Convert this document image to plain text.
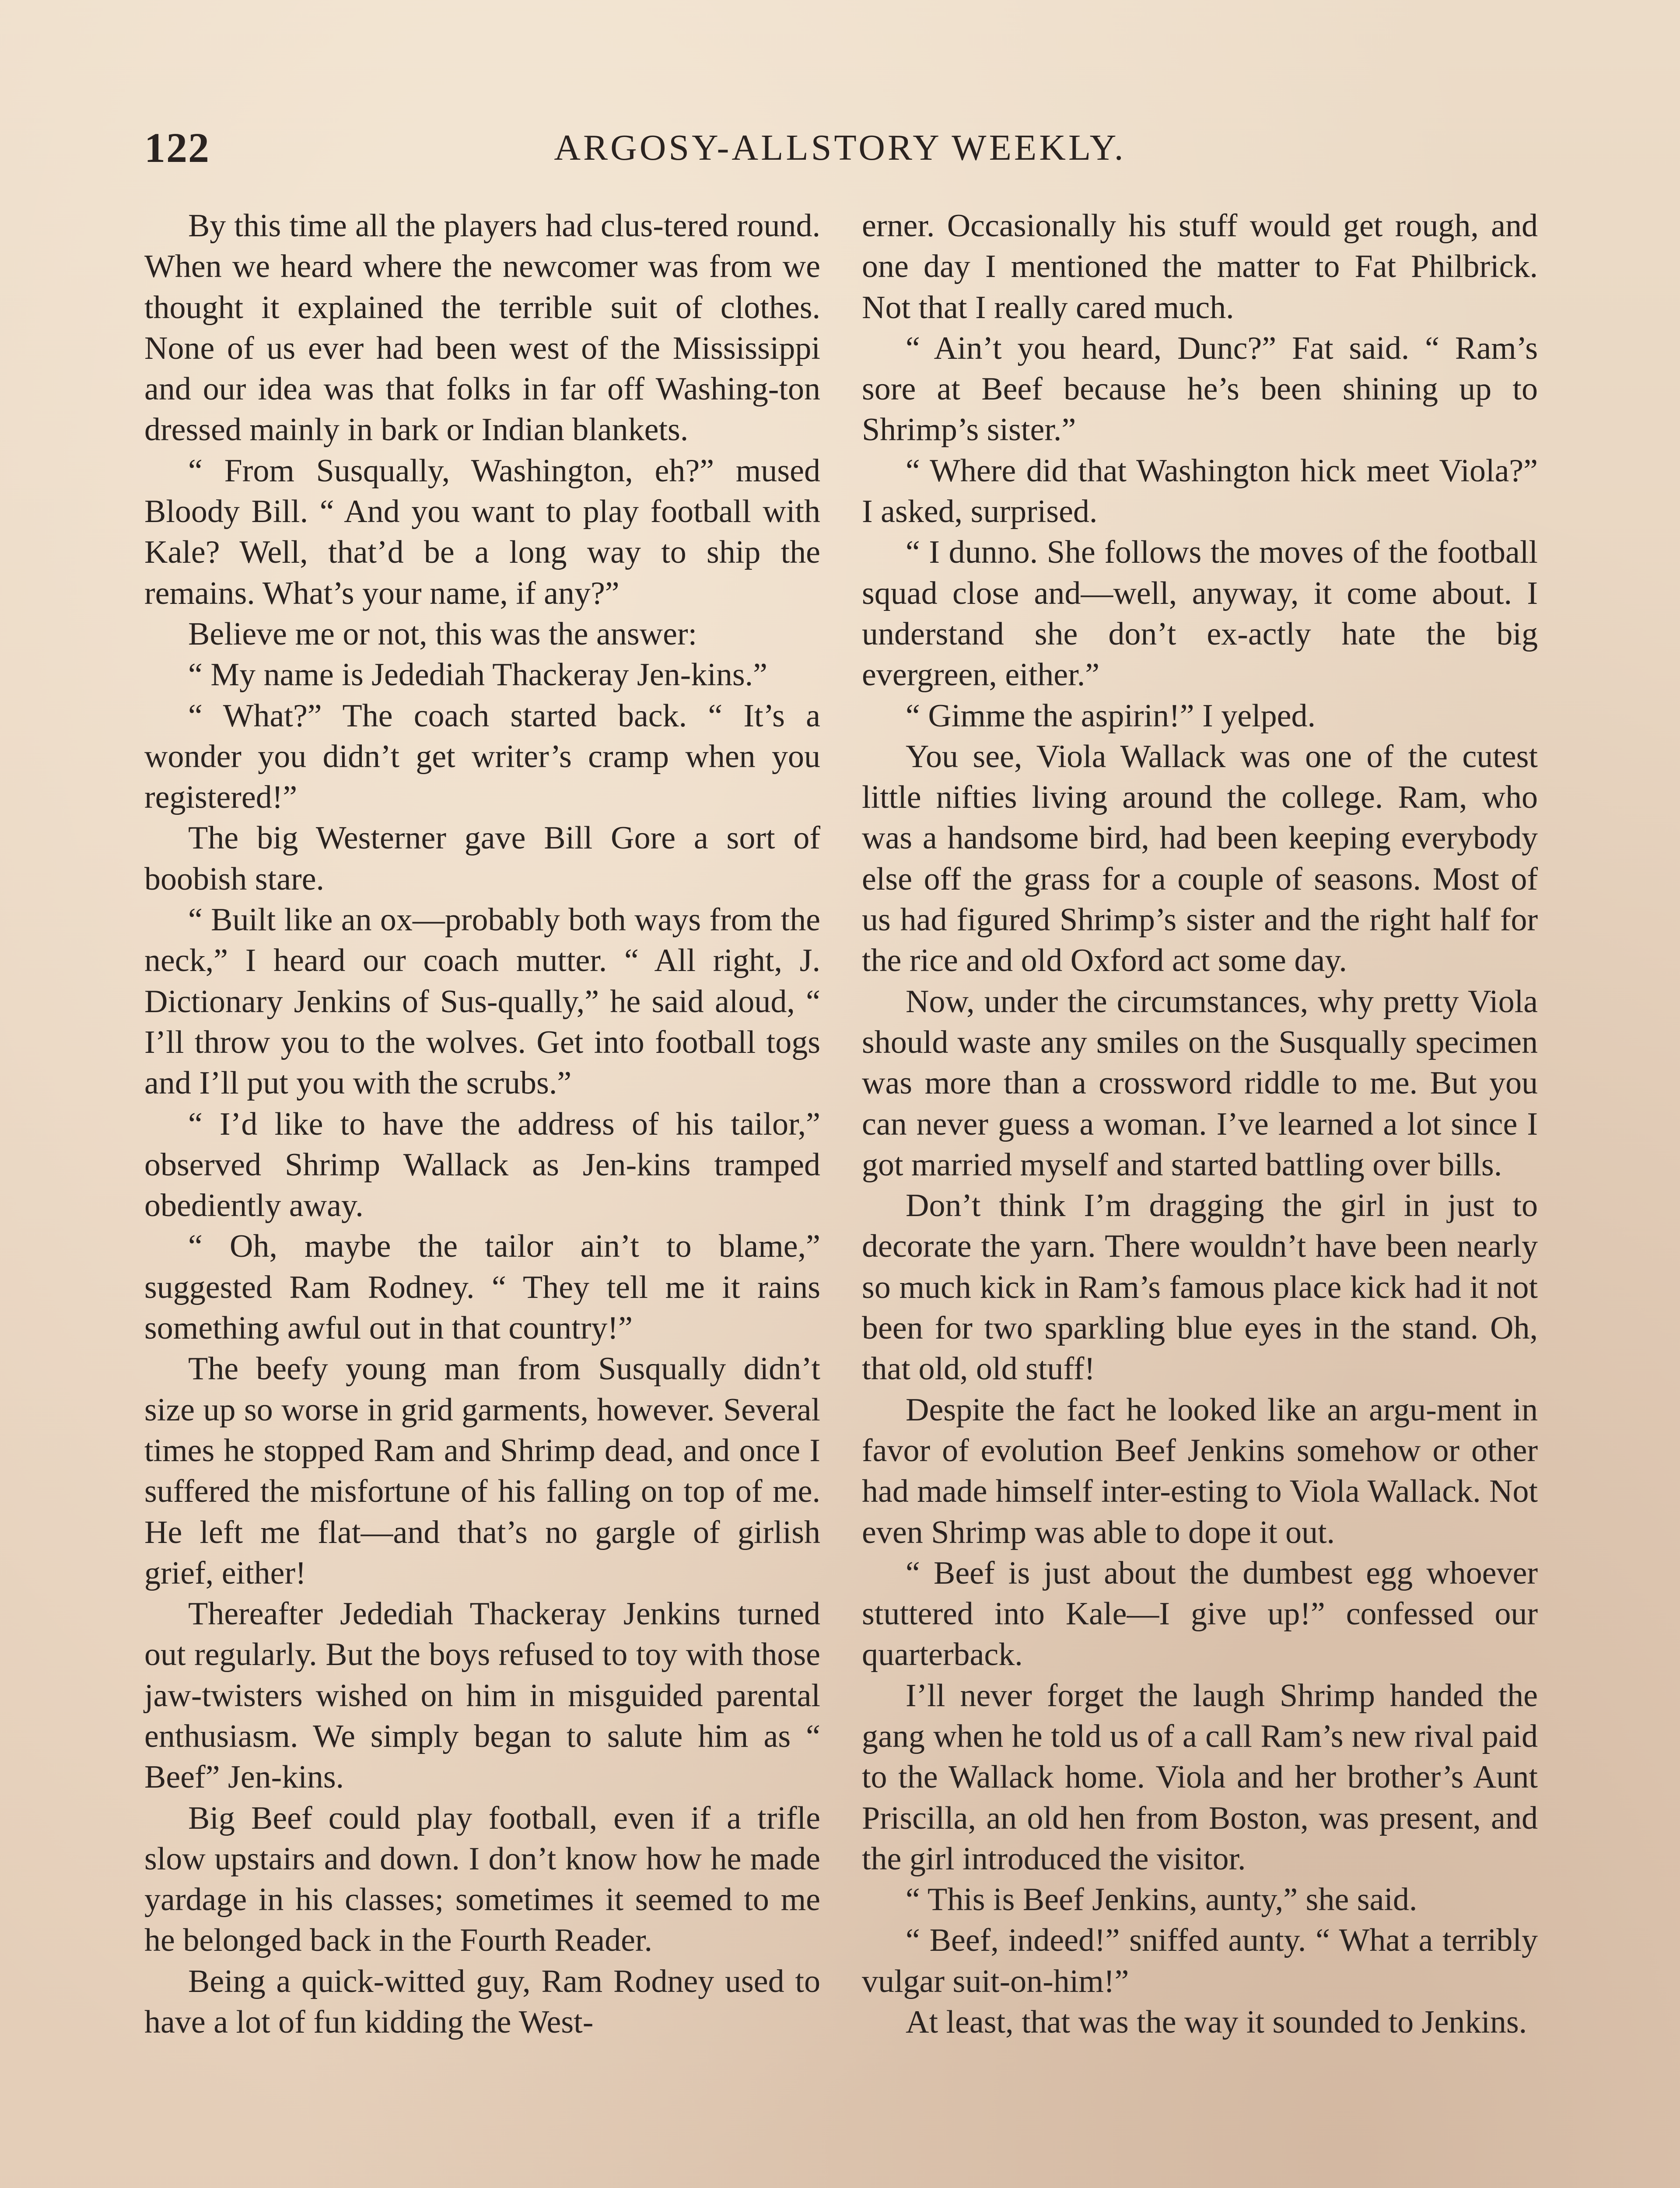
122	ARGOSY-ALLSTORY WEEKLY.

By this time all the players had clus-tered round. When we heard where the newcomer was from we thought it explained the terrible suit of clothes. None of us ever had been west of the Mississippi and our idea was that folks in far off Washing-ton dressed mainly in bark or Indian blankets.

“ From Susqually, Washington, eh?” mused Bloody Bill. “ And you want to play football with Kale? Well, that’d be a long way to ship the remains. What’s your name, if any?”

Believe me or not, this was the answer:

“ My name is Jedediah Thackeray Jen-kins.”

“ What?” The coach started back. “ It’s a wonder you didn’t get writer’s cramp when you registered!”

The big Westerner gave Bill Gore a sort of boobish stare.

“ Built like an ox—probably both ways from the neck,” I heard our coach mutter. “ All right, J. Dictionary Jenkins of Sus-qually,” he said aloud, “ I’ll throw you to the wolves. Get into football togs and I’ll put you with the scrubs.”

“ I’d like to have the address of his tailor,” observed Shrimp Wallack as Jen-kins tramped obediently away.

“ Oh, maybe the tailor ain’t to blame,” suggested Ram Rodney. “ They tell me it rains something awful out in that country!”

The beefy young man from Susqually didn’t size up so worse in grid garments, however. Several times he stopped Ram and Shrimp dead, and once I suffered the misfortune of his falling on top of me. He left me flat—and that’s no gargle of girlish grief, either!

Thereafter Jedediah Thackeray Jenkins turned out regularly. But the boys refused to toy with those jaw-twisters wished on him in misguided parental enthusiasm. We simply began to salute him as “ Beef” Jen-kins.

Big Beef could play football, even if a trifle slow upstairs and down. I don’t know how he made yardage in his classes; sometimes it seemed to me he belonged back in the Fourth Reader.

Being a quick-witted guy, Ram Rodney used to have a lot of fun kidding the West-

erner. Occasionally his stuff would get rough, and one day I mentioned the matter to Fat Philbrick. Not that I really cared much.

“ Ain’t you heard, Dunc?” Fat said. “ Ram’s sore at Beef because he’s been shining up to Shrimp’s sister.”

“ Where did that Washington hick meet Viola?” I asked, surprised.

“ I dunno. She follows the moves of the football squad close and—well, anyway, it come about. I understand she don’t ex-actly hate the big evergreen, either.”

“ Gimme the aspirin!” I yelped.

You see, Viola Wallack was one of the cutest little nifties living around the college. Ram, who was a handsome bird, had been keeping everybody else off the grass for a couple of seasons. Most of us had figured Shrimp’s sister and the right half for the rice and old Oxford act some day.

Now, under the circumstances, why pretty Viola should waste any smiles on the Susqually specimen was more than a crossword riddle to me. But you can never guess a woman. I’ve learned a lot since I got married myself and started battling over bills.

Don’t think I’m dragging the girl in just to decorate the yarn. There wouldn’t have been nearly so much kick in Ram’s famous place kick had it not been for two sparkling blue eyes in the stand. Oh, that old, old stuff!

Despite the fact he looked like an argu-ment in favor of evolution Beef Jenkins somehow or other had made himself inter-esting to Viola Wallack. Not even Shrimp was able to dope it out.

“ Beef is just about the dumbest egg whoever stuttered into Kale—I give up!” confessed our quarterback.

I’ll never forget the laugh Shrimp handed the gang when he told us of a call Ram’s new rival paid to the Wallack home. Viola and her brother’s Aunt Priscilla, an old hen from Boston, was present, and the girl introduced the visitor.

“ This is Beef Jenkins, aunty,” she said.

“ Beef, indeed!” sniffed aunty. “ What a terribly vulgar suit-on-him!”

At least, that was the way it sounded to Jenkins.
